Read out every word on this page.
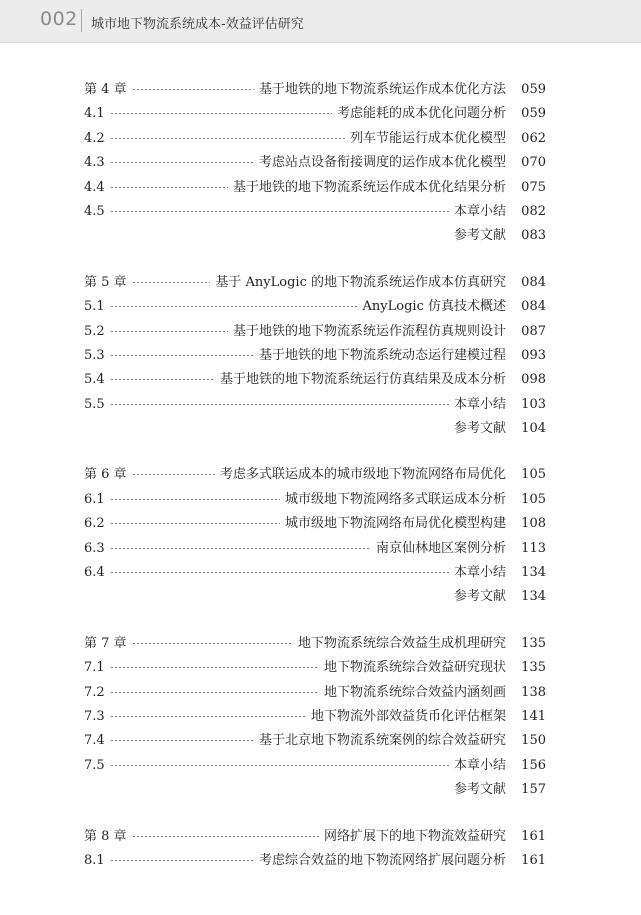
002 城市地下物流系统成本-效益评估研究
第 4 章	基于地铁的地下物流系统运作成本优化方法	059
4.1	考虑能耗的成本优化问题分析	059
4.2	列车节能运行成本优化模型	062
4.3	考虑站点设备衔接调度的运作成本优化模型	070
4.4	基于地铁的地下物流系统运作成本优化结果分析	075
4.5	本章小结	082
参考文献	083
第 5 章	基于 AnyLogic 的地下物流系统运作成本仿真研究	084
5.1	AnyLogic 仿真技术概述	084
5.2	基于地铁的地下物流系统运作流程仿真规则设计	087
5.3	基于地铁的地下物流系统动态运行建模过程	093
5.4	基于地铁的地下物流系统运行仿真结果及成本分析	098
5.5	本章小结	103
参考文献	104
第 6 章	考虑多式联运成本的城市级地下物流网络布局优化	105
6.1	城市级地下物流网络多式联运成本分析	105
6.2	城市级地下物流网络布局优化模型构建	108
6.3	南京仙林地区案例分析	113
6.4	本章小结	134
参考文献	134
第 7 章	地下物流系统综合效益生成机理研究	135
7.1	地下物流系统综合效益研究现状	135
7.2	地下物流系统综合效益内涵刻画	138
7.3	地下物流外部效益货币化评估框架	141
7.4	基于北京地下物流系统案例的综合效益研究	150
7.5	本章小结	156
参考文献	157
第 8 章	网络扩展下的地下物流效益研究	161
8.1	考虑综合效益的地下物流网络扩展问题分析	161
